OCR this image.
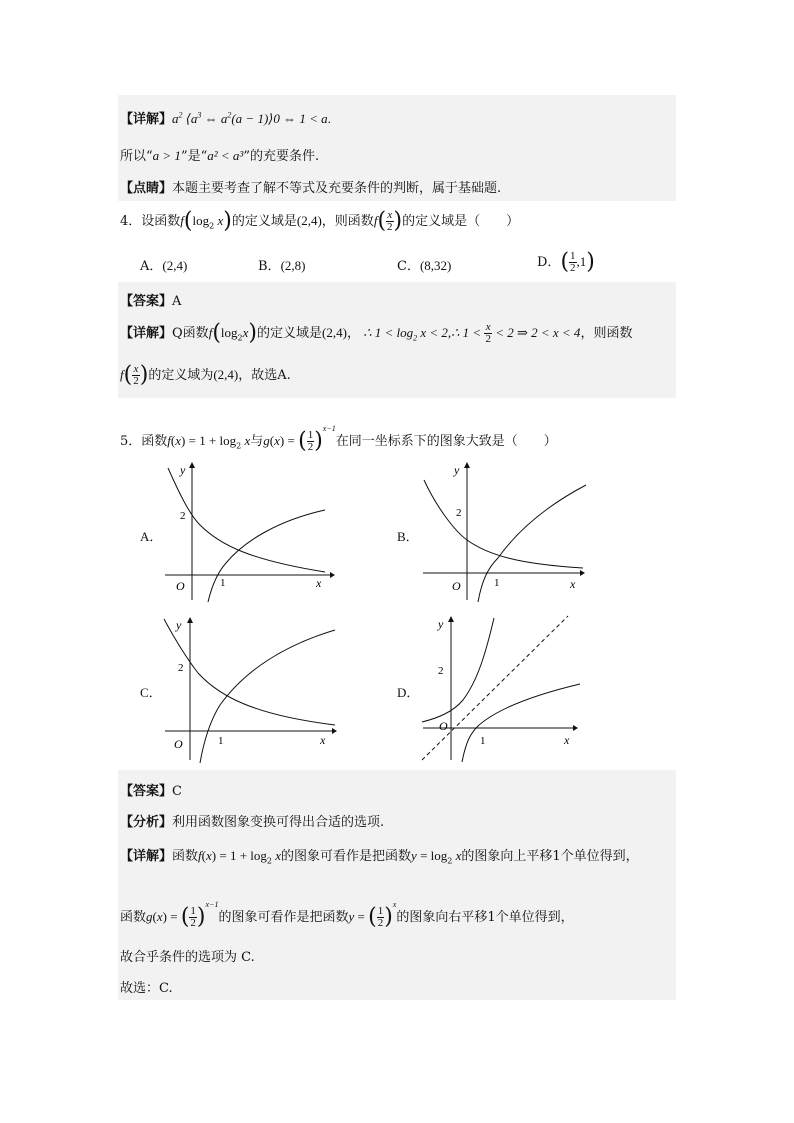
【详解】$a^2$ $⟨a^3$ ⇔ $a^2(a$ − 1)⟩0 ⇔ 1 < a.
所以“a > 1”是“a² < a³”的充要条件.
【点睛】本题主要考查了解不等式及充要条件的判断，属于基础题.
4．设函数$f(\log_2$ x)的定义域是(2,4)，则函数$f( \frac{x}{2}$ )的定义域是（　　）
A．(2,4)	B．(2,8)	C．(8,32)	D．( $\frac{1}{2} ,1$)
【答案】A
【详解】Q函数$f(\log_2x)$的定义域是(2,4)， ∴ $1 < \log_2 x$ < 2,∴ $1 < \frac{x}{2} < 2$ ⇒ 2 < x < 4，则函数
$f( \frac{x}{2}$ )的定义域为(2,4)，故选A.
5．函数$f(x) = 1 + \log_2 x$与g(x) = ( $\frac{1}{2} )^{x-1}$在同一坐标系下的图象大致是（　　）
A．	B．
C．	D．
y
x
O
2
1
y
x
O
2
1
y
x
O
2
1
y
x
O
2
1
【答案】C
【分析】利用函数图象变换可得出合适的选项.
【详解】函数$f(x) = 1 + \log_2 x$的图象可看作是把函数$y = \log_2 x$的图象向上平移1个单位得到，
函数g(x) = ( $\frac{1}{2} )^{x-1}$的图象可看作是把函数y = ( $\frac{1}{2} )^x$的图象向右平移1个单位得到，
故合乎条件的选项为 C.
故选：C.
